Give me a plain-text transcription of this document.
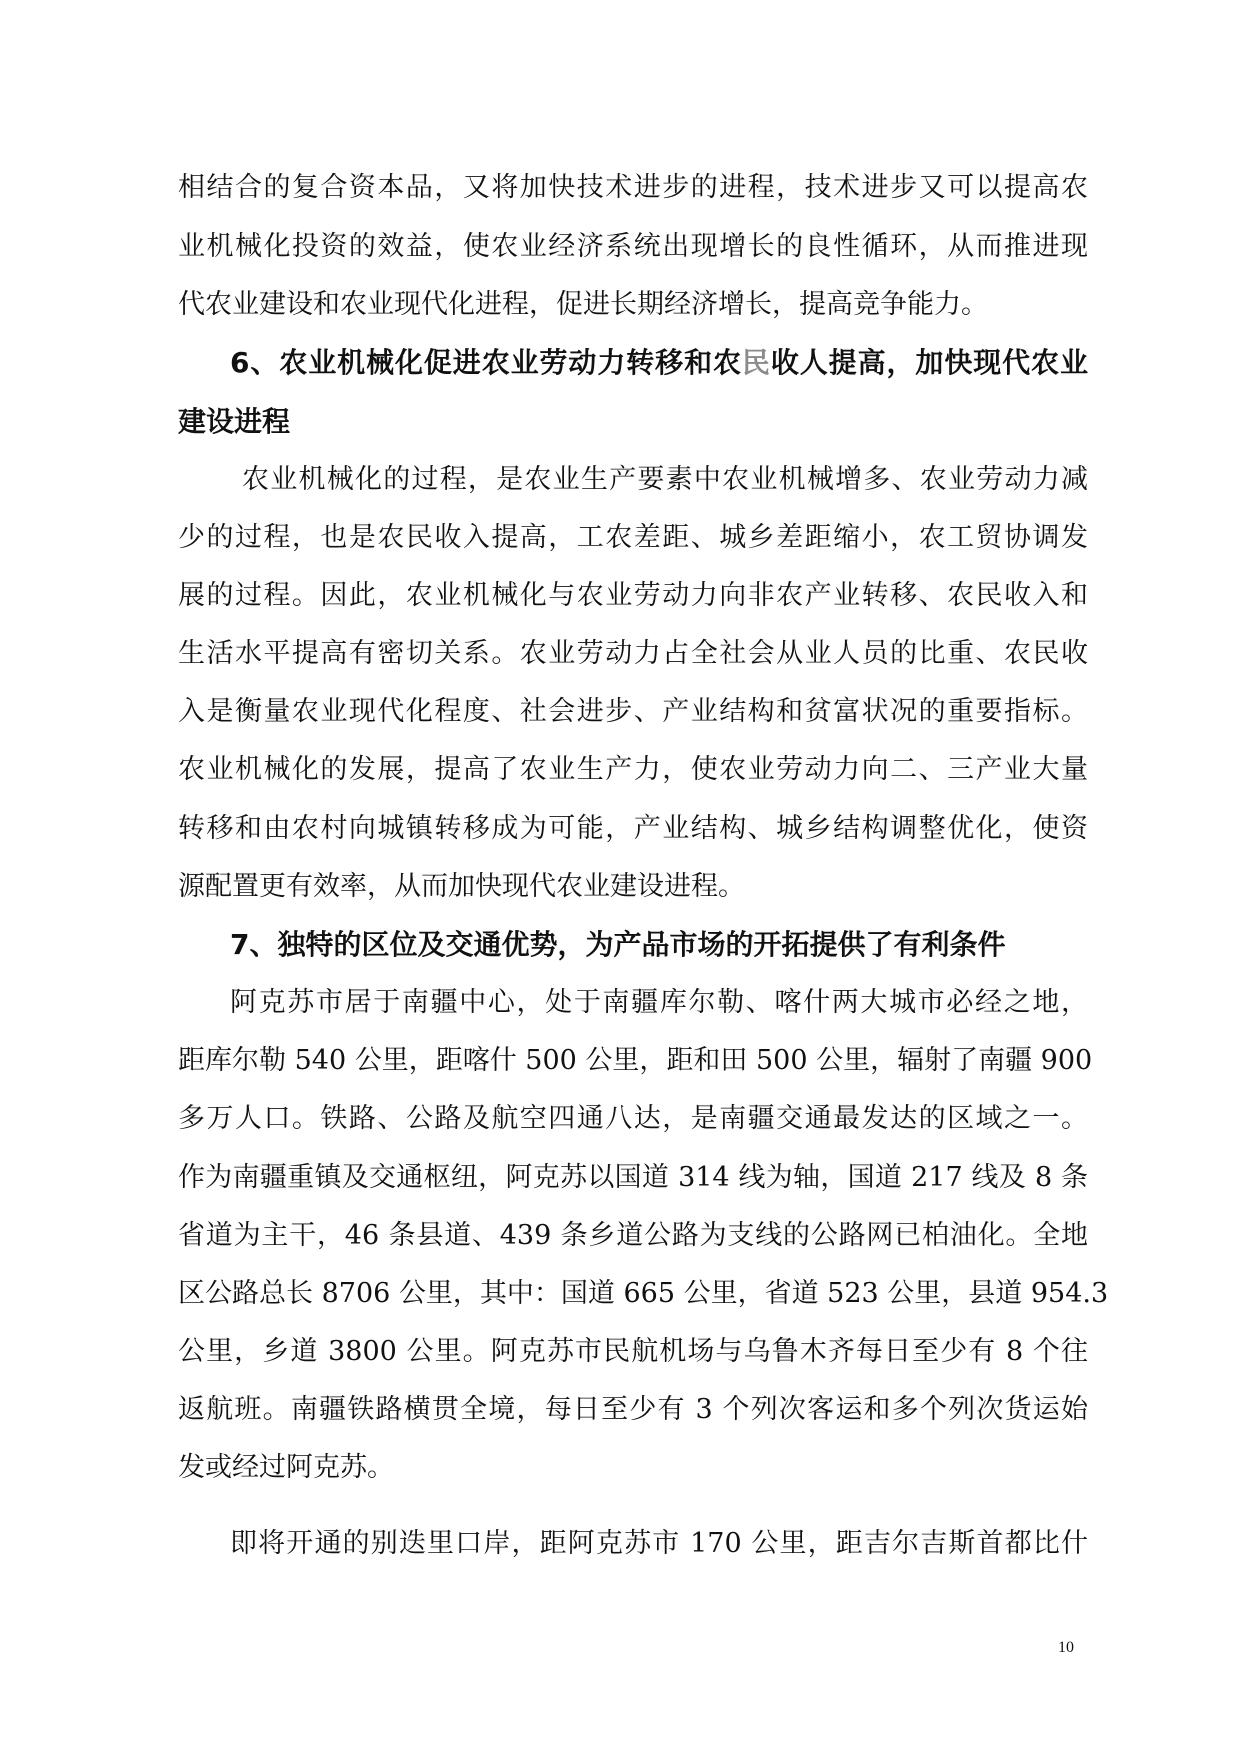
相结合的复合资本品，又将加快技术进步的进程，技术进步又可以提高农
业机械化投资的效益，使农业经济系统出现增长的良性循环，从而推进现
代农业建设和农业现代化进程，促进长期经济增长，提高竞争能力。
6、农业机械化促进农业劳动力转移和农民收人提高，加快现代农业
建设进程
农业机械化的过程，是农业生产要素中农业机械增多、农业劳动力减
少的过程，也是农民收入提高，工农差距、城乡差距缩小，农工贸协调发
展的过程。因此，农业机械化与农业劳动力向非农产业转移、农民收入和
生活水平提高有密切关系。农业劳动力占全社会从业人员的比重、农民收
入是衡量农业现代化程度、社会进步、产业结构和贫富状况的重要指标。
农业机械化的发展，提高了农业生产力，使农业劳动力向二、三产业大量
转移和由农村向城镇转移成为可能，产业结构、城乡结构调整优化，使资
源配置更有效率，从而加快现代农业建设进程。
7、独特的区位及交通优势，为产品市场的开拓提供了有利条件
阿克苏市居于南疆中心，处于南疆库尔勒、喀什两大城市必经之地，
距库尔勒 540 公里，距喀什 500 公里，距和田 500 公里，辐射了南疆 900
多万人口。铁路、公路及航空四通八达，是南疆交通最发达的区域之一。
作为南疆重镇及交通枢纽，阿克苏以国道 314 线为轴，国道 217 线及 8 条
省道为主干，46 条县道、439 条乡道公路为支线的公路网已柏油化。全地
区公路总长 8706 公里，其中：国道 665 公里，省道 523 公里，县道 954.3
公里，乡道 3800 公里。阿克苏市民航机场与乌鲁木齐每日至少有 8 个往
返航班。南疆铁路横贯全境，每日至少有 3 个列次客运和多个列次货运始
发或经过阿克苏。
即将开通的别迭里口岸，距阿克苏市 170 公里，距吉尔吉斯首都比什
10
